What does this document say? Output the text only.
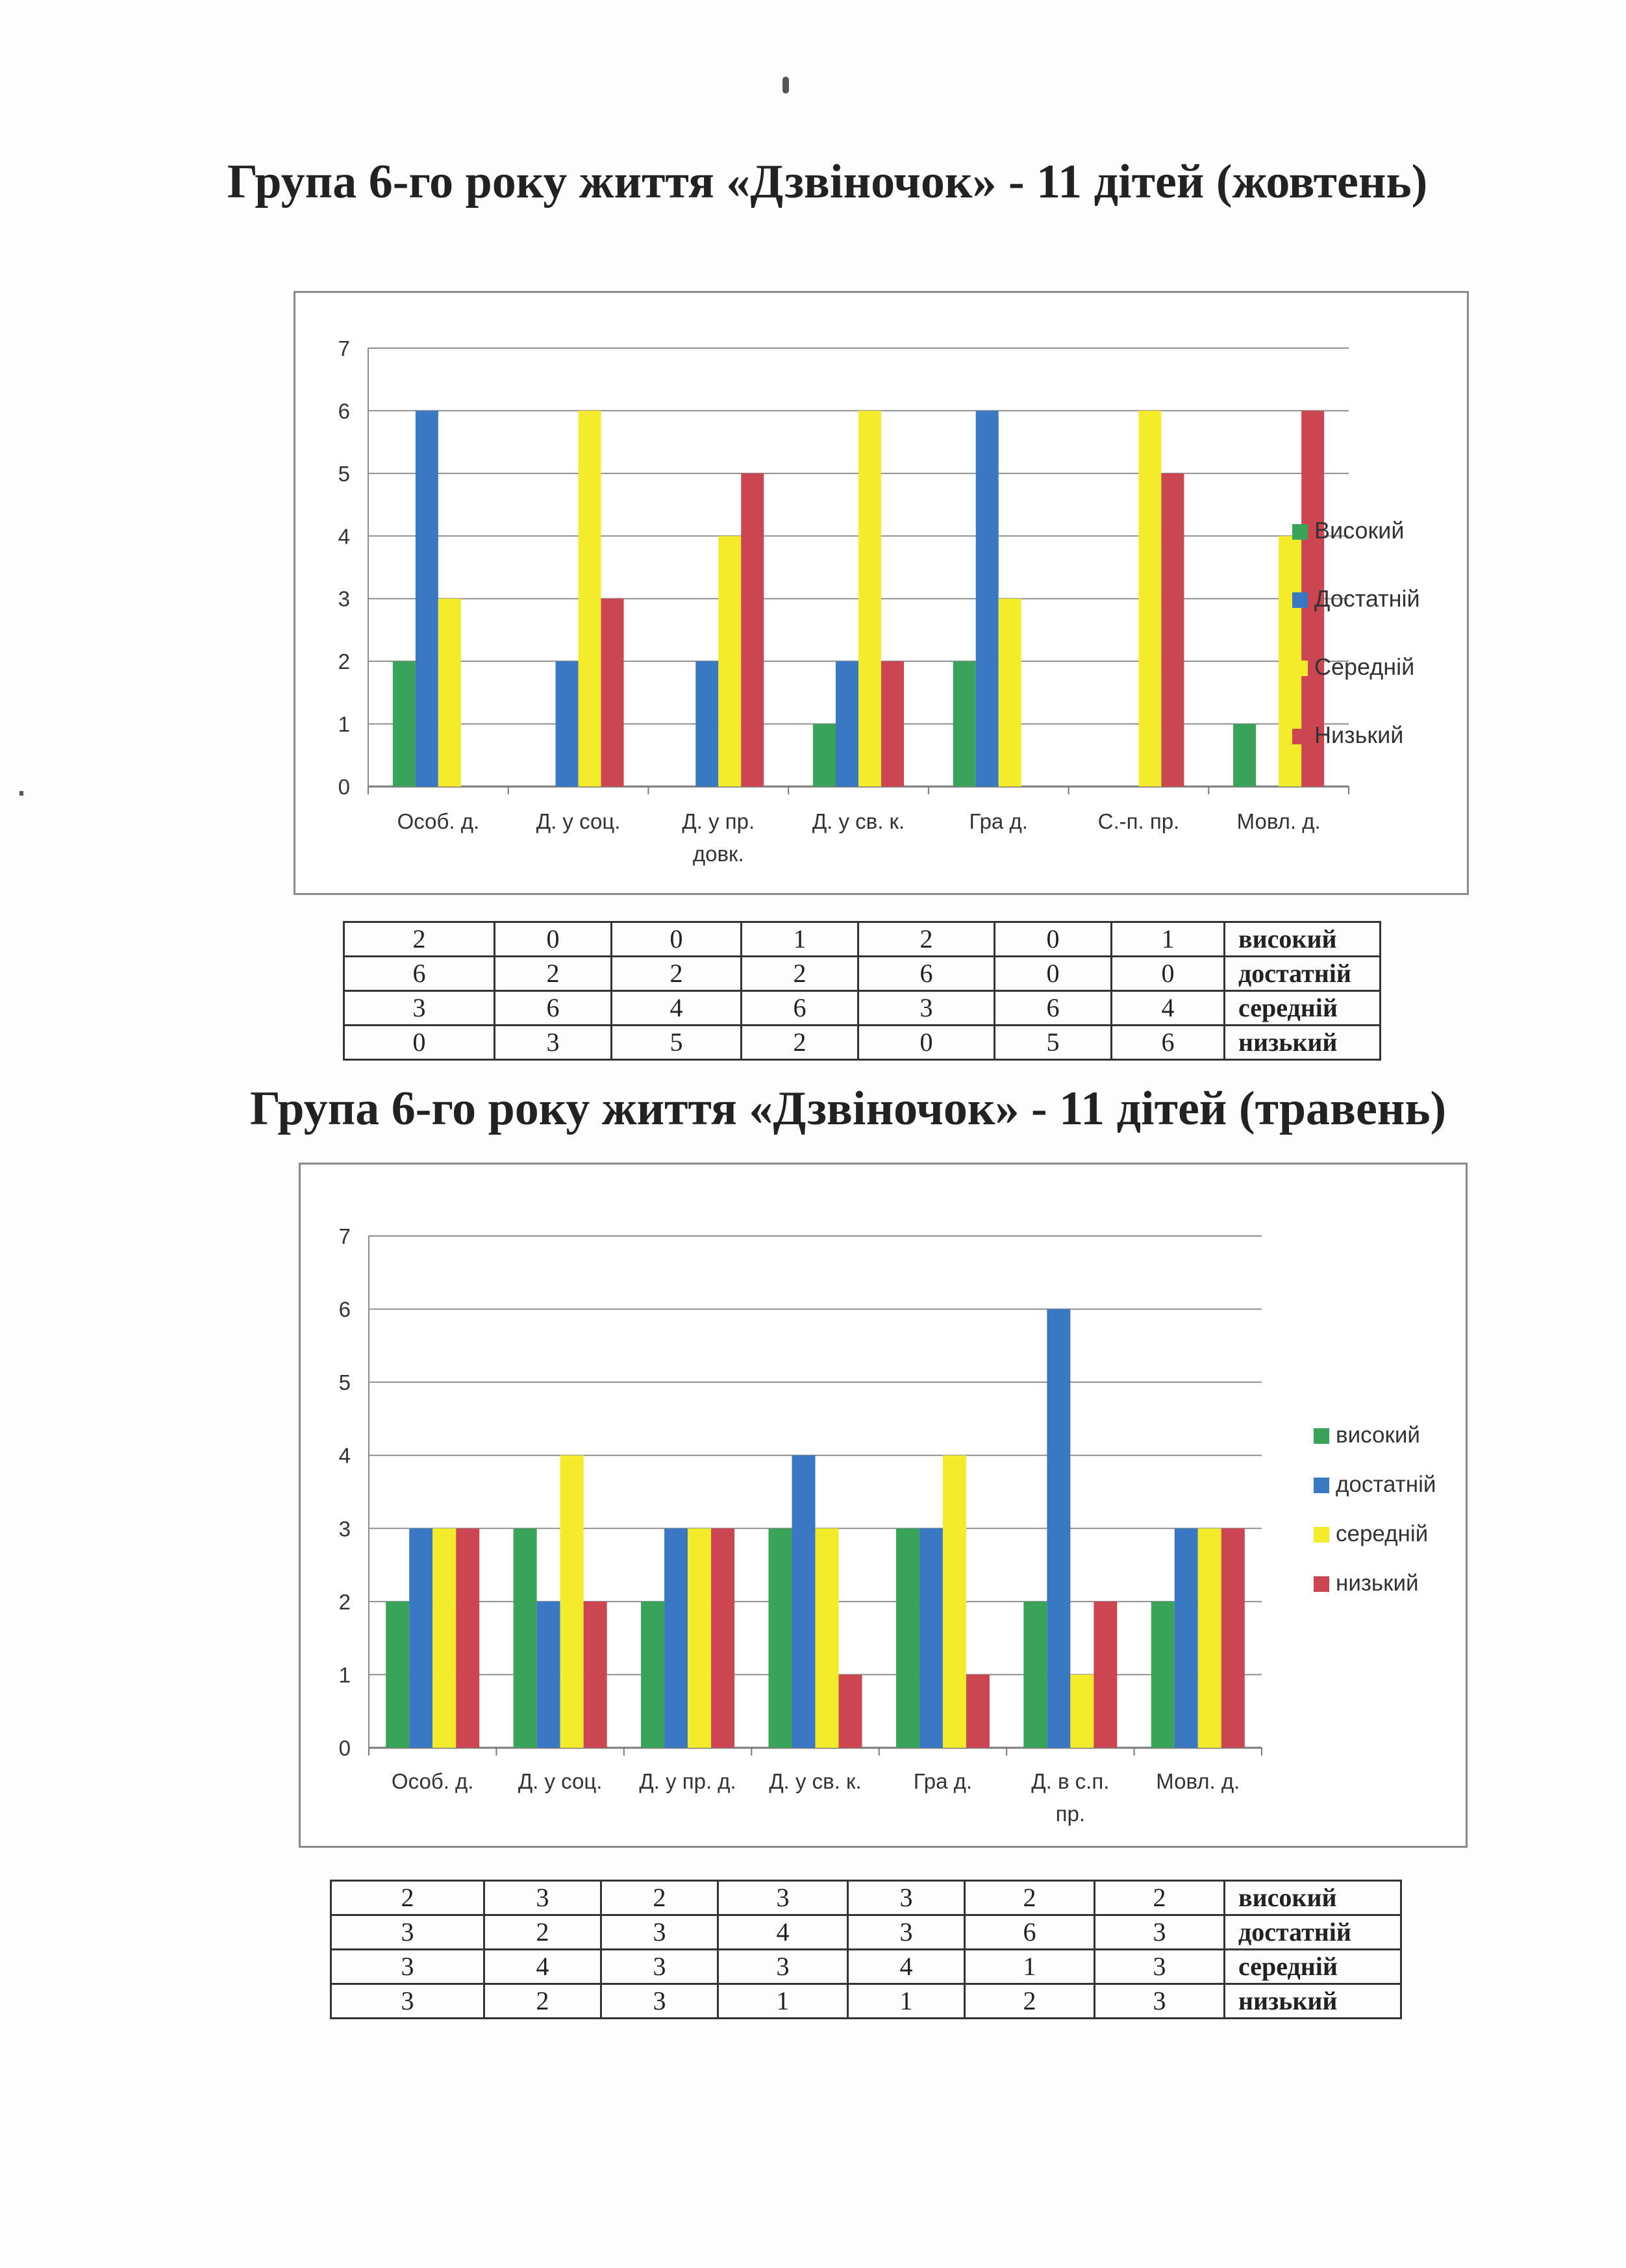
Група 6-го року життя «Дзвіночок» - 11 дітей (жовтень)
0
1
2
3
4
5
6
7
Особ. д.	Д. у соц.	Д. у пр.
довк.
Д. у св. к.	Гра д.	С.-п. пр.	Мовл. д.
Високий
Достатній
Середній
Низький
2	0	0	1	2	0	1	високий
6	2	2	2	6	0	0	достатній
3	6	4	6	3	6	4	середній
0	3	5	2	0	5	6	низький
Група 6-го року життя «Дзвіночок» - 11 дітей (травень)
0
1
2
3
4
5
6
7
Особ. д. Д. у соц. Д. у пр. д. Д. у св. к. Гра д.	Д. в с.п.
пр.
Мовл. д.
високий
достатній
середній
низький
2	3	2	3	3	2	2	високий
3	2	3	4	3	6	3	достатній
3	4	3	3	4	1	3	середній
3	2	3	1	1	2	3	низький
